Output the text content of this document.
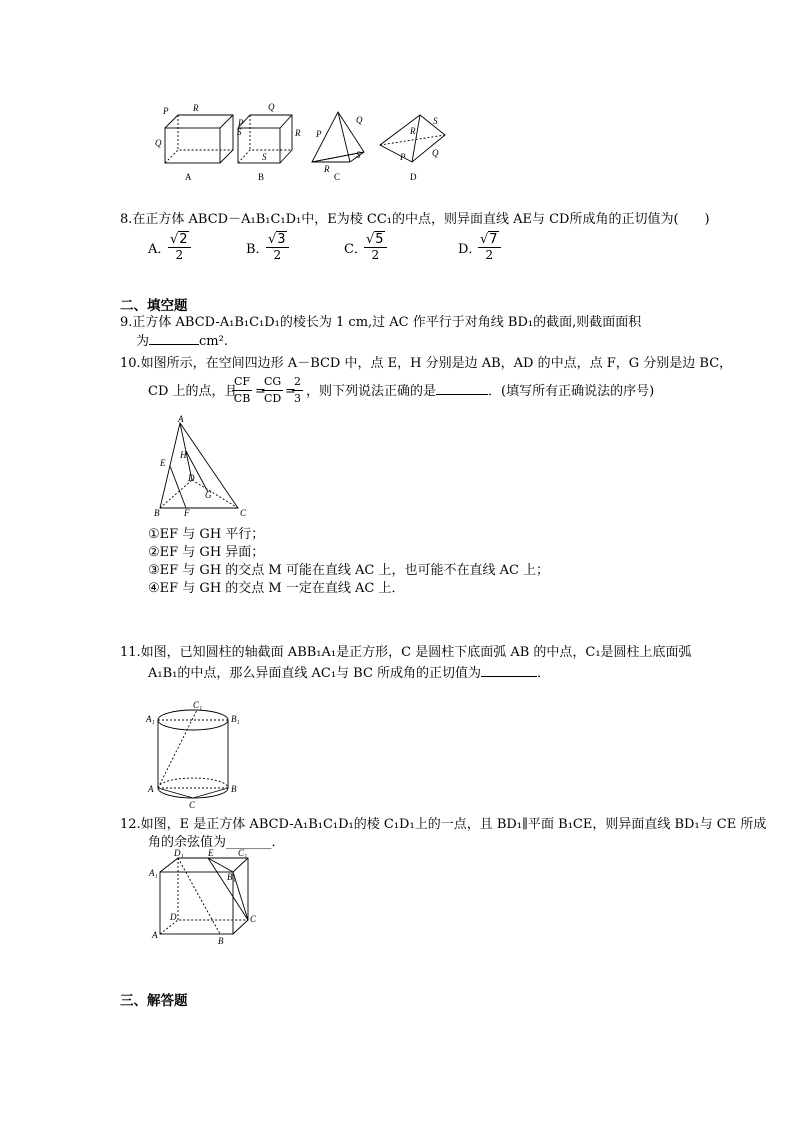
P	R
Q
S
P
Q
R
S
P
Q
R
S	P
S
Q
R
A	B	C	D
8.在正方体 ABCD－A₁B₁C₁D₁中，E为棱 CC₁的中点，则异面直线 AE与 CD所成角的正切值为(　　)
A．
$\frac{√2}{2}$	B．
$\frac{√3}{2}$	C．
$\frac{√5}{2}$	D．
$\frac{√7}{2}$
二、填空题
9.正方体 ABCD-A₁B₁C₁D₁的棱长为 1 cm,过 AC 作平行于对角线 BD₁的截面,则截面面积
为	cm².
10.如图所示，在空间四边形 A－BCD 中，点 E，H 分别是边 AB，AD 的中点，点 F，G 分别是边 BC，
CD 上的点，且
$\frac{CF}{CB}$ =
$\frac{CG}{CD}$ =
$\frac{2}{3}$ ，则下列说法正确的是	．(填写所有正确说法的序号)
A
E
H
D
G
B	F	C
①EF 与 GH 平行；
②EF 与 GH 异面；
③EF 与 GH 的交点 M 可能在直线 AC 上，也可能不在直线 AC 上；
④EF 与 GH 的交点 M 一定在直线 AC 上．
11.如图，已知圆柱的轴截面 ABB₁A₁是正方形，C 是圆柱下底面弧 AB 的中点，C₁是圆柱上底面弧
A₁B₁的中点，那么异面直线 AC₁与 BC 所成角的正切值为	．
C₁
A₁	B₁
A	B
C
12.如图，E 是正方体 ABCD-A₁B₁C₁D₁的棱 C₁D₁上的一点，且 BD₁∥平面 B₁CE，则异面直线 BD₁与 CE 所成
角的余弦值为_______．
D₁	E	C₁
A₁	B₁
D	C
A
B
三、解答题
